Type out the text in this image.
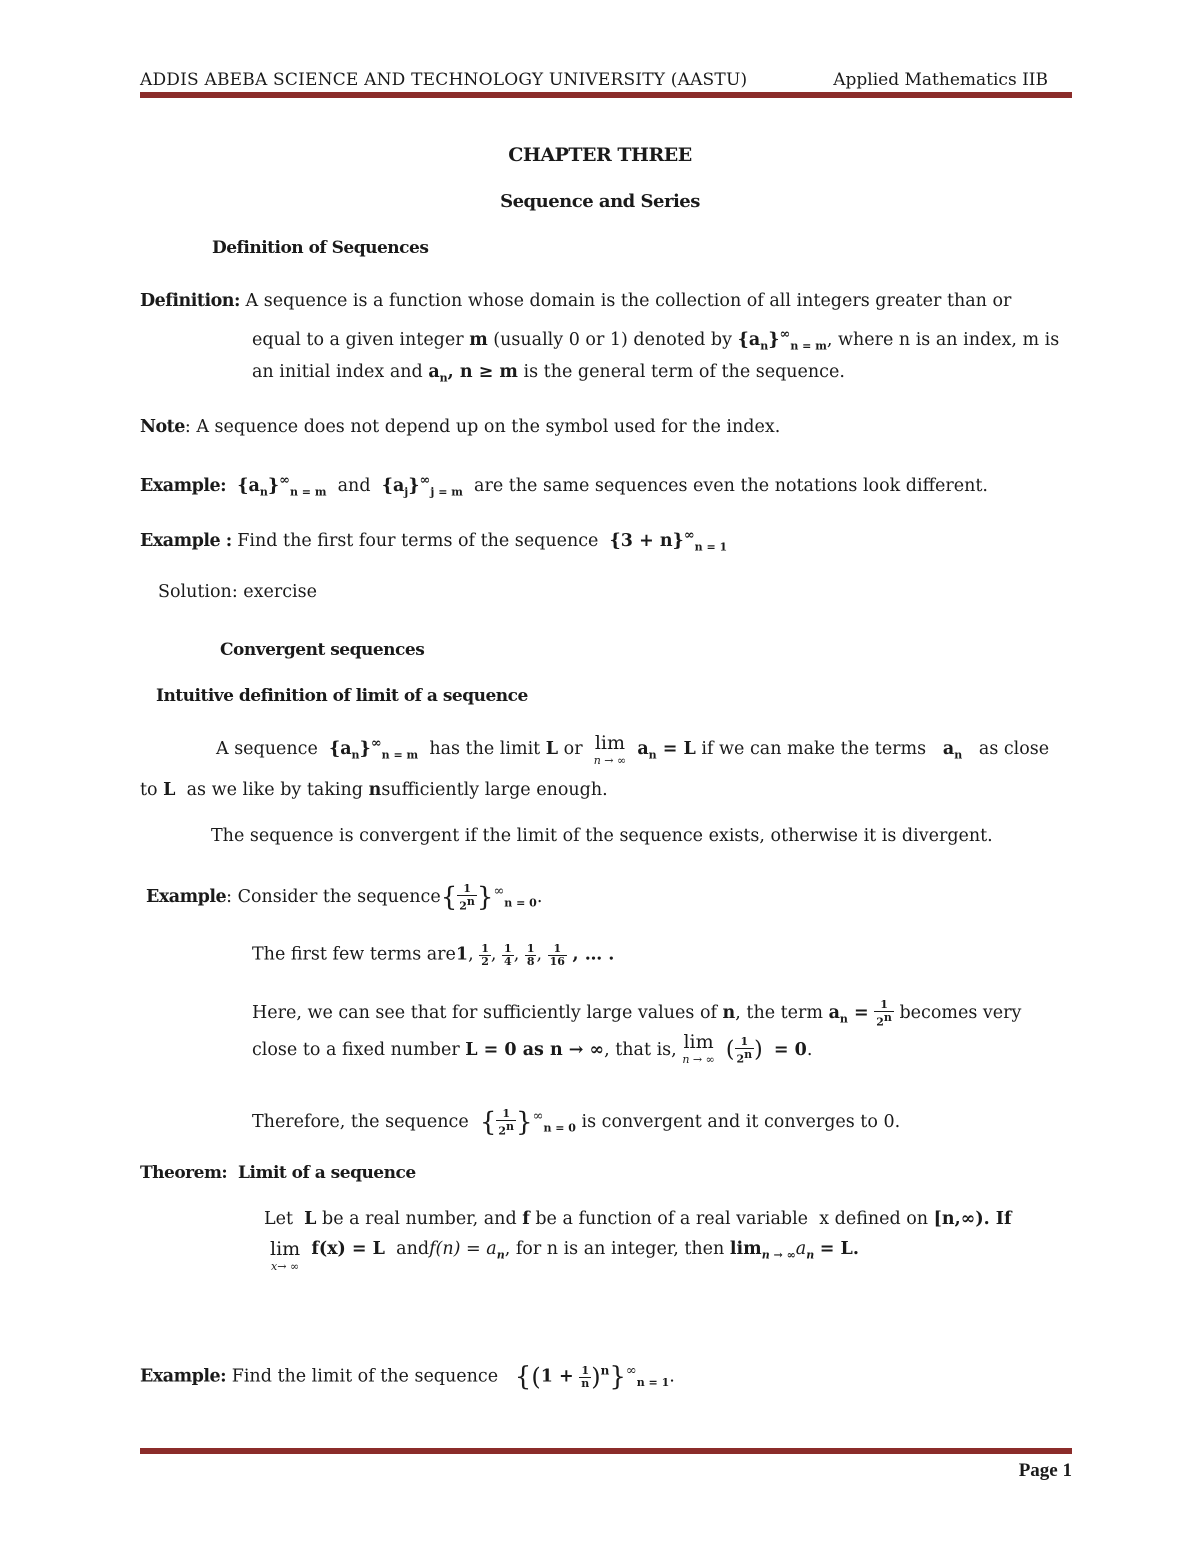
ADDIS ABEBA SCIENCE AND TECHNOLOGY UNIVERSITY (AASTU)	Applied Mathematics IIB
CHAPTER THREE
Sequence and Series
Definition of Sequences
Definition: A sequence is a function whose domain is the collection of all integers greater than or
equal to a given integer m (usually 0 or 1) denoted by $\{a_n\}^\infty_{n = m}$, where n is an index, m is
an initial index and $a_n$, n ≥ m is the general term of the sequence.
Note: A sequence does not depend up on the symbol used for the index.
Example: $\{a_n\}^\infty_{n = m}$ and $\{a_j\}^\infty_{j = m}$ are the same sequences even the notations look different.
Example : Find the first four terms of the sequence $\{3 + n\}^\infty_{n = 1}$
Solution: exercise
Convergent sequences
Intuitive definition of limit of a sequence
A sequence $\{a_n\}^\infty_{n = m}$ has the limit L or lim
n → ∞
$a_n = L$ if we can make the terms $a_n$ as close
to L as we like by taking nsufficiently large enough.
The sequence is convergent if the limit of the sequence exists, otherwise it is divergent.
Example: Consider the sequence{ $\frac{1}{2^n} \}^\infty_{n = 0}$.
The first few terms are1, $\frac{1}{2}$ , $\frac{1}{4}$ , $\frac{1}{8}$ , $\frac{1}{16}$ , … .
Here, we can see that for sufficiently large values of n, the term $a_n = \frac{1}{2^n}$ becomes very
close to a fixed number L = 0 as n → ∞, that is, lim
n → ∞ ( $\frac{1}{2^n}$ ) = 0.
Therefore, the sequence { $\frac{1}{2^n} \}^\infty_{n = 0}$ is convergent and it converges to 0.
Theorem: Limit of a sequence
Let L be a real number, and f be a function of a real variable x defined on [n,∞). If
lim
x→ ∞
f(x) = L andf(n) = $a_n$, for n is an integer, then $\lim_{n \to \infty}a_n = L$.
Example: Find the limit of the sequence $\{(1 + \frac{1}{n} )^n\}^\infty_{n = 1}$.
Page 1
